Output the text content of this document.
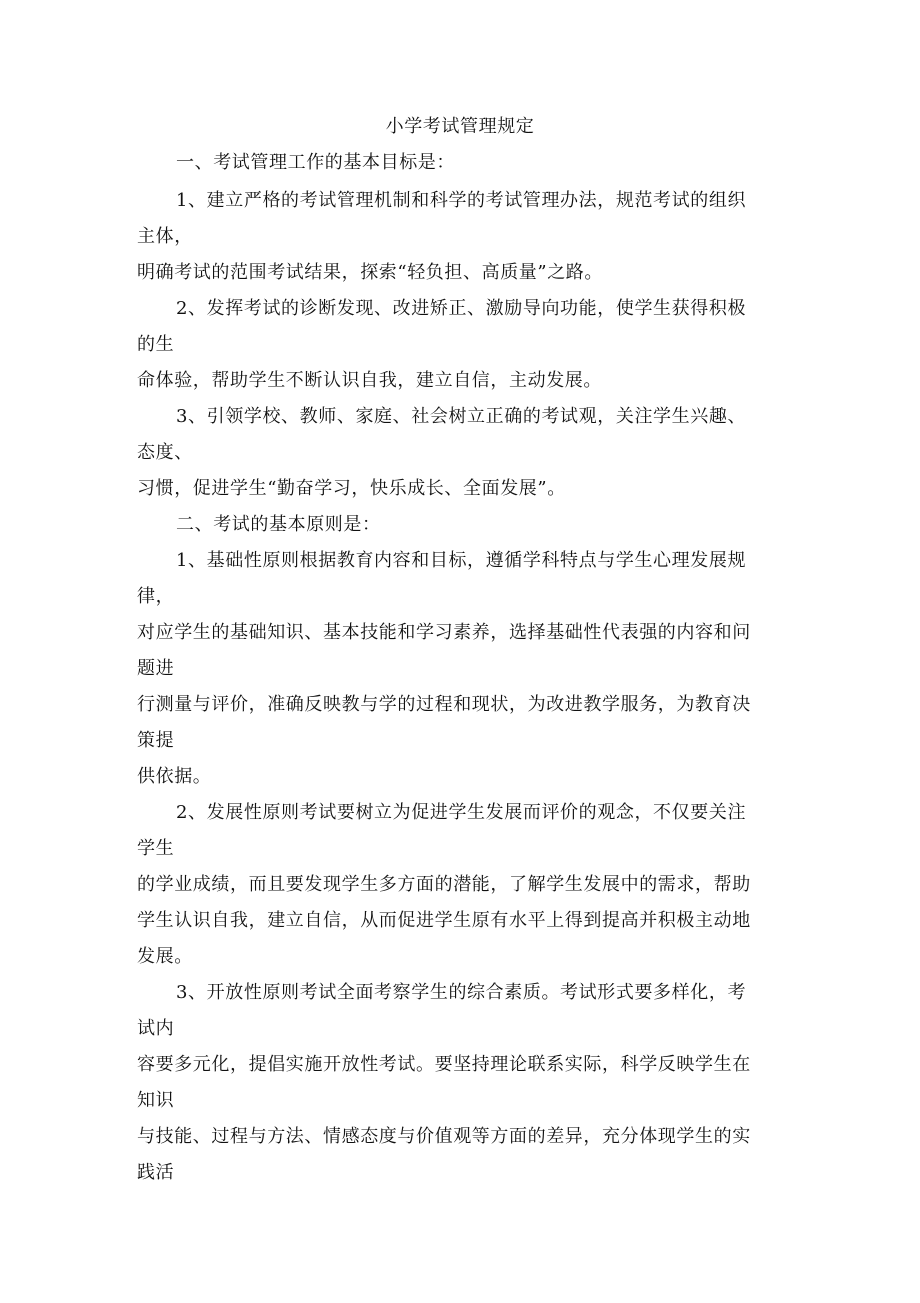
小学考试管理规定
一、考试管理工作的基本目标是：
1、建立严格的考试管理机制和科学的考试管理办法，规范考试的组织
主体，
明确考试的范围考试结果，探索“轻负担、高质量”之路。
2、发挥考试的诊断发现、改进矫正、激励导向功能，使学生获得积极
的生
命体验，帮助学生不断认识自我，建立自信，主动发展。
3、引领学校、教师、家庭、社会树立正确的考试观，关注学生兴趣、
态度、
习惯，促进学生“勤奋学习，快乐成长、全面发展”。
二、考试的基本原则是：
1、基础性原则根据教育内容和目标，遵循学科特点与学生心理发展规
律，
对应学生的基础知识、基本技能和学习素养，选择基础性代表强的内容和问
题进
行测量与评价，准确反映教与学的过程和现状，为改进教学服务，为教育决
策提
供依据。
2、发展性原则考试要树立为促进学生发展而评价的观念，不仅要关注
学生
的学业成绩，而且要发现学生多方面的潜能，了解学生发展中的需求，帮助
学生认识自我，建立自信，从而促进学生原有水平上得到提高并积极主动地
发展。
3、开放性原则考试全面考察学生的综合素质。考试形式要多样化，考
试内
容要多元化，提倡实施开放性考试。要坚持理论联系实际，科学反映学生在
知识
与技能、过程与方法、情感态度与价值观等方面的差异，充分体现学生的实
践活
